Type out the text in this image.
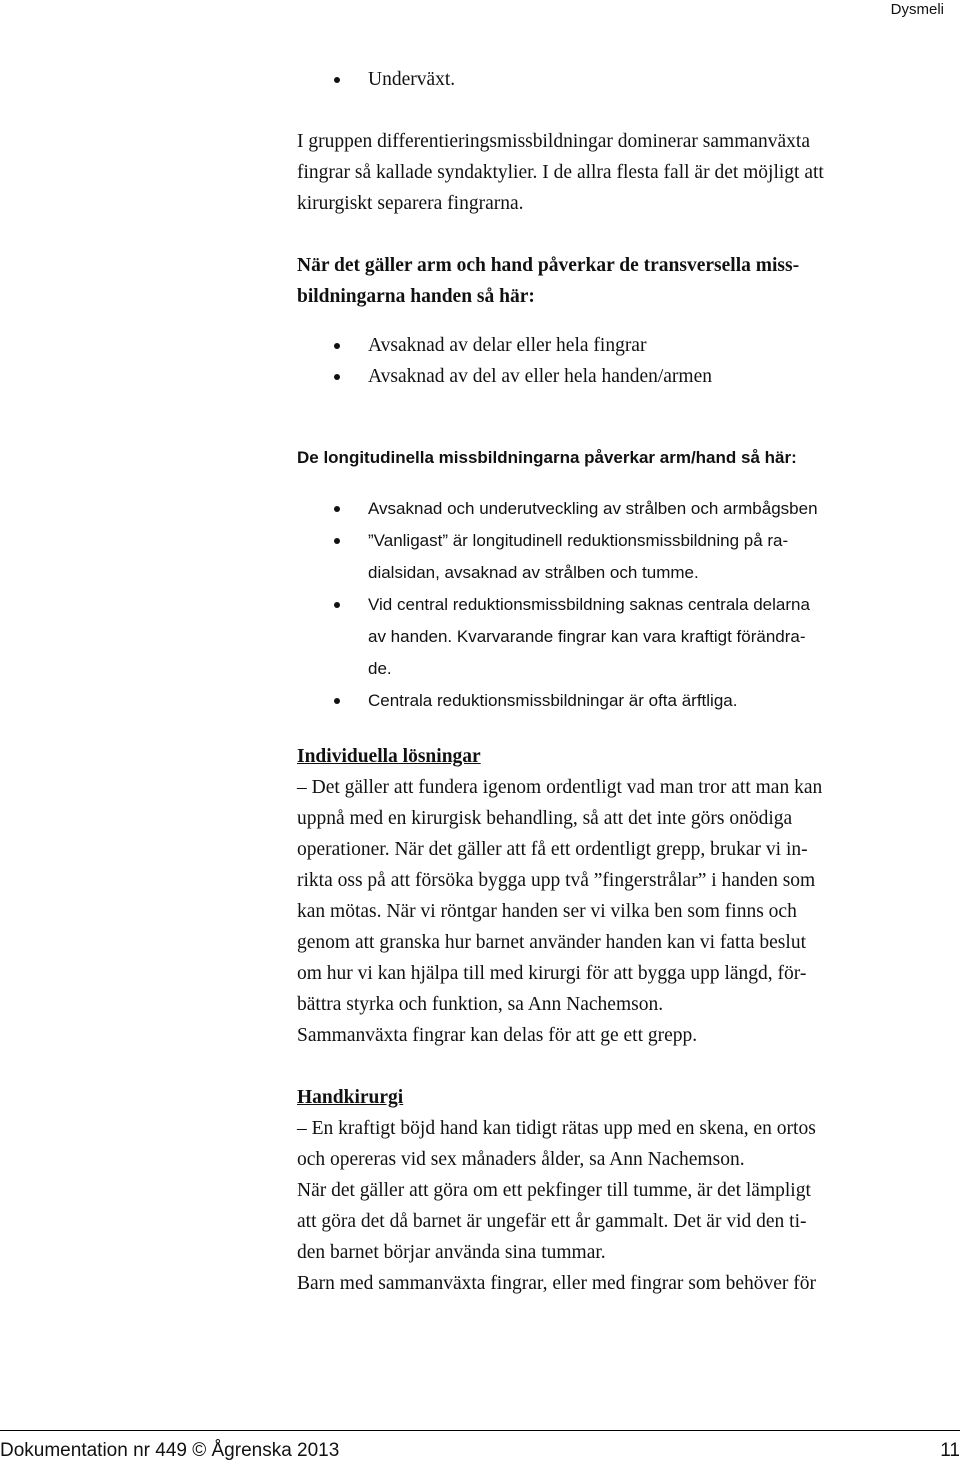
Dysmeli
Underväxt.

I gruppen differentieringsmissbildningar dominerar sammanväxta
fingrar så kallade syndaktylier. I de allra flesta fall är det möjligt att
kirurgiskt separera fingrarna.

När det gäller arm och hand påverkar de transversella miss-
bildningarna handen så här:

Avsaknad av delar eller hela fingrar
Avsaknad av del av eller hela handen/armen

De longitudinella missbildningarna påverkar arm/hand så här:

Avsaknad och underutveckling av strålben och armbågsben
”Vanligast” är longitudinell reduktionsmissbildning på ra-
dialsidan, avsaknad av strålben och tumme.
Vid central reduktionsmissbildning saknas centrala delarna
av handen. Kvarvarande fingrar kan vara kraftigt förändra-
de.
Centrala reduktionsmissbildningar är ofta ärftliga.

Individuella lösningar

– Det gäller att fundera igenom ordentligt vad man tror att man kan
uppnå med en kirurgisk behandling, så att det inte görs onödiga
operationer. När det gäller att få ett ordentligt grepp, brukar vi in-
rikta oss på att försöka bygga upp två ”fingerstrålar” i handen som
kan mötas. När vi röntgar handen ser vi vilka ben som finns och
genom att granska hur barnet använder handen kan vi fatta beslut
om hur vi kan hjälpa till med kirurgi för att bygga upp längd, för-
bättra styrka och funktion, sa Ann Nachemson.
Sammanväxta fingrar kan delas för att ge ett grepp.

Handkirurgi

– En kraftigt böjd hand kan tidigt rätas upp med en skena, en ortos
och opereras vid sex månaders ålder, sa Ann Nachemson.
När det gäller att göra om ett pekfinger till tumme, är det lämpligt
att göra det då barnet är ungefär ett år gammalt. Det är vid den ti-
den barnet börjar använda sina tummar.
Barn med sammanväxta fingrar, eller med fingrar som behöver för

Dokumentation nr 449 © Ågrenska 2013	11
